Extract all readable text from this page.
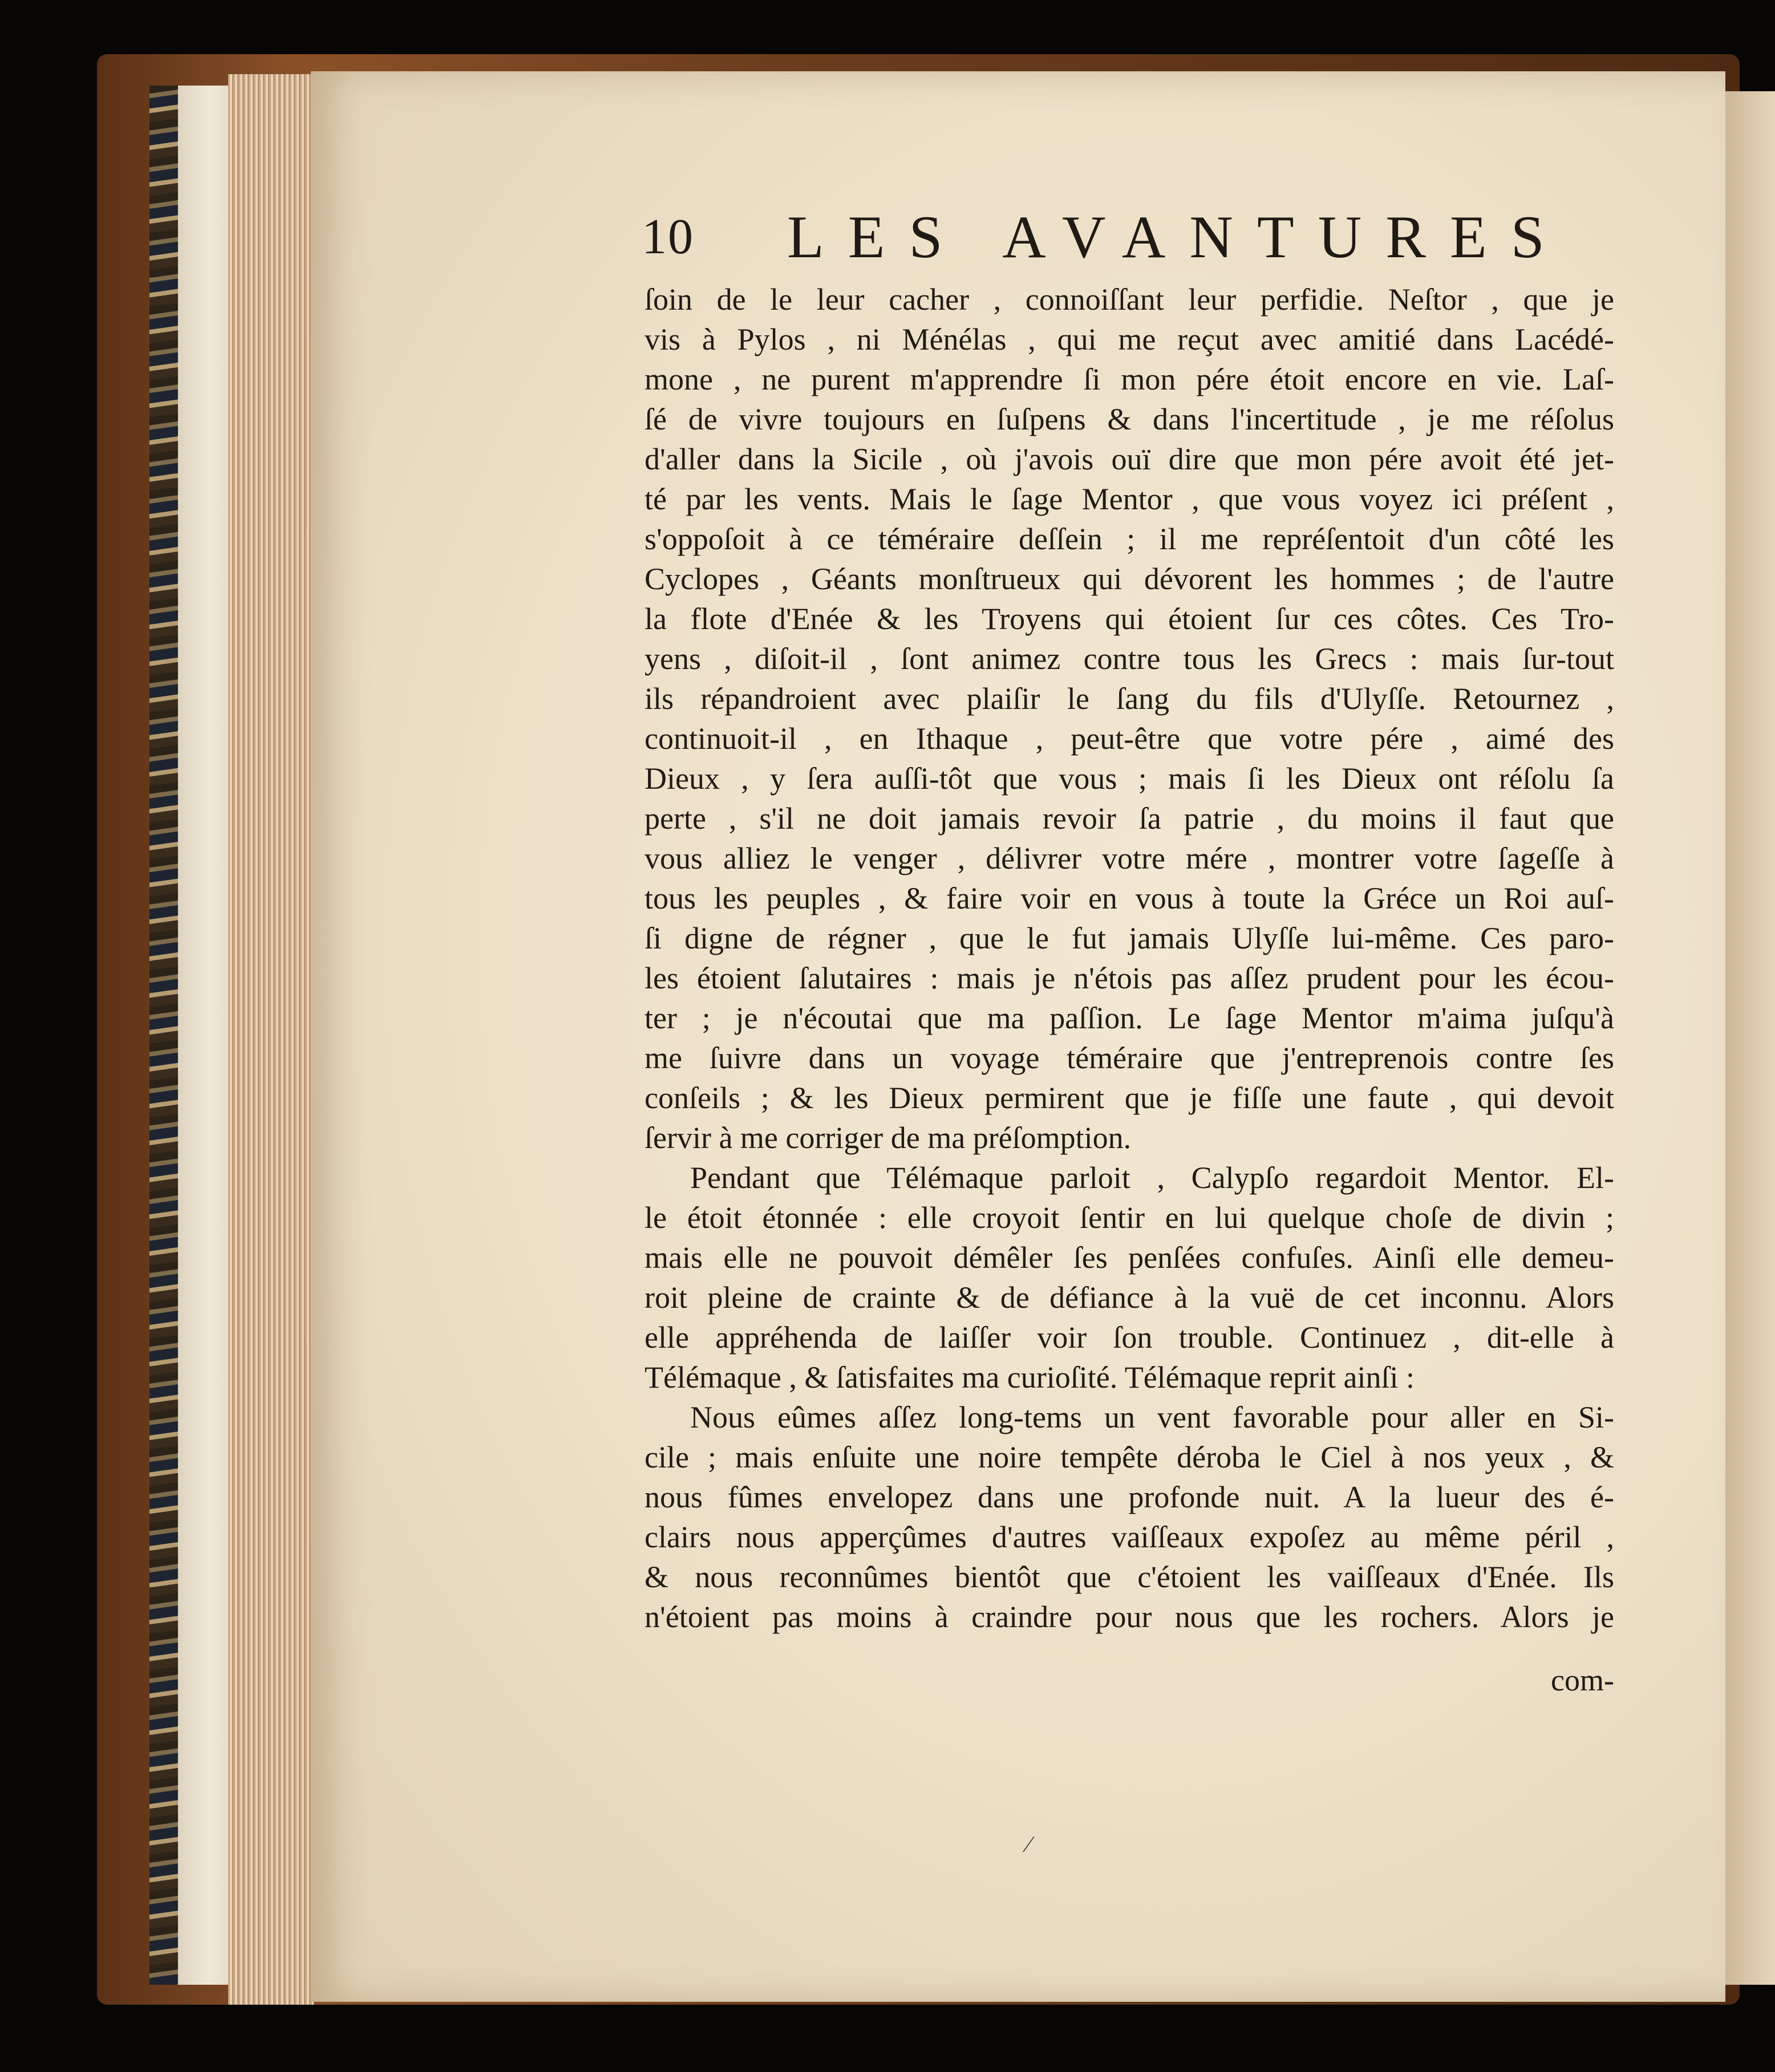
10 LES AVANTURES
ſoin de le leur cacher , connoiſſant leur perfidie. Neſtor , que je
vis à Pylos , ni Ménélas , qui me reçut avec amitié dans Lacédé-
mone , ne purent m'apprendre ſi mon pére étoit encore en vie. Laſ-
ſé de vivre toujours en ſuſpens & dans l'incertitude , je me réſolus
d'aller dans la Sicile , où j'avois ouï dire que mon pére avoit été jet-
té par les vents. Mais le ſage Mentor , que vous voyez ici préſent ,
s'oppoſoit à ce téméraire deſſein ; il me repréſentoit d'un côté les
Cyclopes , Géants monſtrueux qui dévorent les hommes ; de l'autre
la flote d'Enée & les Troyens qui étoient ſur ces côtes. Ces Tro-
yens , diſoit-il , ſont animez contre tous les Grecs : mais ſur-tout
ils répandroient avec plaiſir le ſang du fils d'Ulyſſe. Retournez ,
continuoit-il , en Ithaque , peut-être que votre pére , aimé des
Dieux , y ſera auſſi-tôt que vous ; mais ſi les Dieux ont réſolu ſa
perte , s'il ne doit jamais revoir ſa patrie , du moins il faut que
vous alliez le venger , délivrer votre mére , montrer votre ſageſſe à
tous les peuples , & faire voir en vous à toute la Gréce un Roi auſ-
ſi digne de régner , que le fut jamais Ulyſſe lui-même. Ces paro-
les étoient ſalutaires : mais je n'étois pas aſſez prudent pour les écou-
ter ; je n'écoutai que ma paſſion. Le ſage Mentor m'aima juſqu'à
me ſuivre dans un voyage téméraire que j'entreprenois contre ſes
conſeils ; & les Dieux permirent que je fiſſe une faute , qui devoit
ſervir à me corriger de ma préſomption.
Pendant que Télémaque parloit , Calypſo regardoit Mentor. El-
le étoit étonnée : elle croyoit ſentir en lui quelque choſe de divin ;
mais elle ne pouvoit démêler ſes penſées confuſes. Ainſi elle demeu-
roit pleine de crainte & de défiance à la vuë de cet inconnu. Alors
elle appréhenda de laiſſer voir ſon trouble. Continuez , dit-elle à
Télémaque , & ſatisfaites ma curioſité. Télémaque reprit ainſi :
Nous eûmes aſſez long-tems un vent favorable pour aller en Si-
cile ; mais enſuite une noire tempête déroba le Ciel à nos yeux , &
nous fûmes envelopez dans une profonde nuit. A la lueur des é-
clairs nous apperçûmes d'autres vaiſſeaux expoſez au même péril ,
& nous reconnûmes bientôt que c'étoient les vaiſſeaux d'Enée. Ils
n'étoient pas moins à craindre pour nous que les rochers. Alors je
com-
⁄
